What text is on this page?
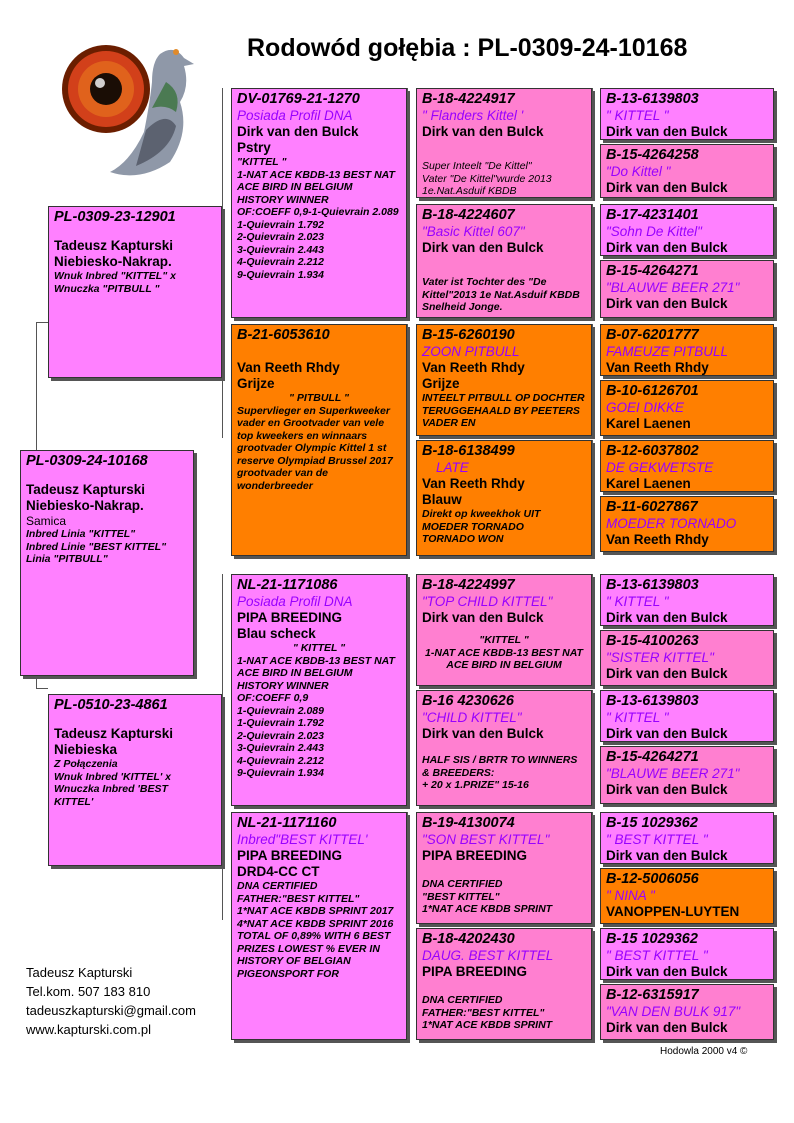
Rodowód gołębia : PL-0309-24-10168
PL-0309-24-10168
Tadeusz Kapturski
Niebiesko-Nakrap.
Samica
Inbred Linia "KITTEL"
Inbred Linie "BEST KITTEL"
Linia "PITBULL"
PL-0309-23-12901
Tadeusz Kapturski
Niebiesko-Nakrap.
Wnuk Inbred "KITTEL" x
Wnuczka "PITBULL "
PL-0510-23-4861
Tadeusz Kapturski
Niebieska
Z Połączenia
Wnuk Inbred 'KITTEL' x
Wnuczka Inbred 'BEST
KITTEL'
DV-01769-21-1270
Posiada Profil DNA
Dirk van den Bulck
Pstry
"KITTEL "
1-NAT ACE KBDB-13 BEST NAT ACE BIRD IN BELGIUM HISTORY WINNER
OF:COEFF 0,9-1-Quievrain 2.089
1-Quievrain 1.792
2-Quievrain 2.023
3-Quievrain 2.443
4-Quievrain 2.212
9-Quievrain 1.934
B-21-6053610
Van Reeth Rhdy
Grijze
" PITBULL "
Supervlieger en Superkweeker vader en Grootvader van vele top kweekers en winnaars grootvader Olympic Kittel 1 st reserve Olympiad Brussel 2017 grootvader van de wonderbreeder
NL-21-1171086
Posiada Profil DNA
PIPA BREEDING
Blau scheck
" KITTEL "
1-NAT ACE KBDB-13 BEST NAT ACE BIRD IN BELGIUM HISTORY WINNER
OF:COEFF 0,9
1-Quievrain 2.089
1-Quievrain 1.792
2-Quievrain 2.023
3-Quievrain 2.443
4-Quievrain 2.212
9-Quievrain 1.934
NL-21-1171160
Inbred"BEST KITTEL'
PIPA BREEDING
DRD4-CC CT
DNA CERTIFIED
FATHER:"BEST KITTEL"
1*NAT ACE KBDB SPRINT 2017 4*NAT ACE KBDB SPRINT 2016 TOTAL OF 0,89% WITH 6 BEST PRIZES LOWEST % EVER IN HISTORY OF BELGIAN PIGEONSPORT FOR
B-18-4224917
" Flanders Kittel '
Dirk van den Bulck
Super Inteelt "De Kittel"
Vater "De Kittel"wurde 2013
1e.Nat.Asduif KBDB
B-18-4224607
"Basic Kittel 607"
Dirk van den Bulck
Vater ist Tochter des "De Kittel"2013 1e Nat.Asduif KBDB Snelheid Jonge.
B-15-6260190
ZOON PITBULL
Van Reeth Rhdy
Grijze
INTEELT PITBULL OP DOCHTER TERUGGEHAALD BY PEETERS VADER EN
B-18-6138499
LATE
Van Reeth Rhdy
Blauw
Direkt op kweekhok UIT MOEDER TORNADO
TORNADO WON
B-18-4224997
"TOP CHILD KITTEL"
Dirk van den Bulck
"KITTEL "
1-NAT ACE KBDB-13 BEST NAT ACE BIRD IN BELGIUM
B-16 4230626
"CHILD KITTEL"
Dirk van den Bulck
HALF SIS / BRTR TO WINNERS & BREEDERS:
+ 20 x 1.PRIZE" 15-16
B-19-4130074
"SON BEST KITTEL"
PIPA BREEDING
DNA CERTIFIED
"BEST KITTEL"
1*NAT ACE KBDB SPRINT
B-18-4202430
DAUG. BEST KITTEL
PIPA BREEDING
DNA CERTIFIED
FATHER:"BEST KITTEL"
1*NAT ACE KBDB SPRINT
B-13-6139803
" KITTEL "
Dirk van den Bulck
B-15-4264258
"Do Kittel "
Dirk van den Bulck
B-17-4231401
"Sohn De Kittel"
Dirk van den Bulck
B-15-4264271
"BLAUWE BEER 271"
Dirk van den Bulck
B-07-6201777
FAMEUZE PITBULL
Van Reeth Rhdy
B-10-6126701
GOEI DIKKE
Karel Laenen
B-12-6037802
DE GEKWETSTE
Karel Laenen
B-11-6027867
MOEDER TORNADO
Van Reeth Rhdy
B-13-6139803
" KITTEL "
Dirk van den Bulck
B-15-4100263
"SISTER KITTEL"
Dirk van den Bulck
B-13-6139803
" KITTEL "
Dirk van den Bulck
B-15-4264271
"BLAUWE BEER 271"
Dirk van den Bulck
B-15 1029362
" BEST KITTEL "
Dirk van den Bulck
B-12-5006056
" NINA "
VANOPPEN-LUYTEN
B-15 1029362
" BEST KITTEL "
Dirk van den Bulck
B-12-6315917
"VAN DEN BULK 917"
Dirk van den Bulck
Tadeusz Kapturski
Tel.kom. 507 183 810
tadeuszkapturski@gmail.com
www.kapturski.com.pl
Hodowla 2000 v4 ©
